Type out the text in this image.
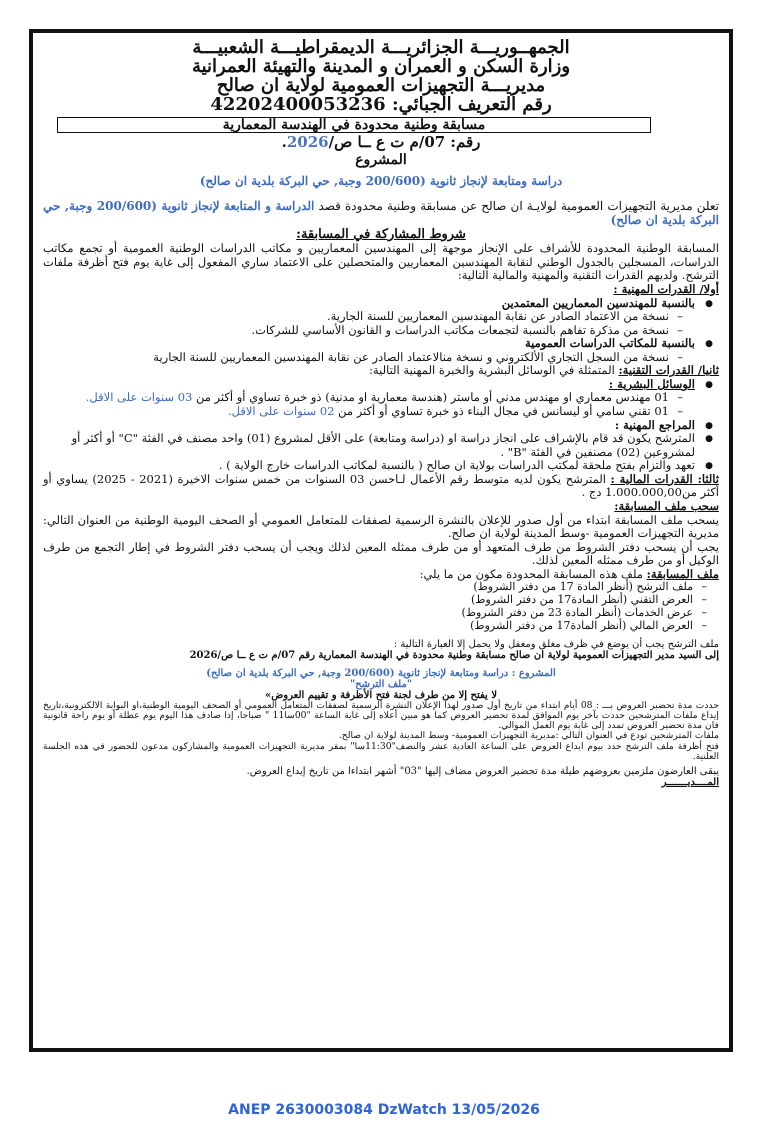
الجمهــوريـــة الجزائريـــة الديمقراطيـــة الشعبيـــة
وزارة السكن و العمران و المدينة والتهيئة العمرانية
مديريـــة التجهيزات العمومية لولاية ان صالح
رقم التعريف الجبائي: 42202400053236
مسابقة وطنية محدودة في الهندسة المعمارية
رقم: 07/م ت ع ــا ص/2026.
المشروع
دراسة ومتابعة لإنجاز ثانوية (200/600 وجبة, حي البركة بلدية ان صالح)
تعلن مديرية التجهيزات العمومية لولايـة ان صالح عن مسابقة وطنية محدودة قصد الدراسة و المتابعة لإنجاز ثانوية (200/600 وجبة, حي البركة بلدية ان صالح)
شروط المشاركة في المسابقة:
المسابقة الوطنية المحدودة للأشراف على الإنجاز موجهة إلى المهندسين المعماريين و مكاتب الدراسات الوطنية العمومية أو تجمع مكاتب الدراسات، المسجلين بالجدول الوطني لنقابة المهندسين المعماريين والمتحصلين على الاعتماد ساري المفعول إلى غاية يوم فتح أظرفة ملفات الترشح. ولديهم القدرات التقنية والمهنية والمالية التالية:
أولا/ القدرات المهنية :
● بالنسبة للمهندسين المعماريين المعتمدين
– نسخة من الاعتماد الصادر عن نقابة المهندسين المعماريين للسنة الجارية.
– نسخة من مذكرة تفاهم بالنسبة لتجمعات مكاتب الدراسات و القانون الأساسي للشركات.
● بالنسبة للمكاتب الدراسات العمومية
– نسخة من السجل التجاري الألكتروني و نسخة منالاعتماد الصادر عن نقابة المهندسين المعماريين للسنة الجارية
ثانيا/ القدرات التقنية: المتمثلة في الوسائل البشرية والخبرة المهنية التالية:
● الوسائل البشرية :
– 01 مهندس معماري او مهندس مدني أو ماستر (هندسة معمارية او مدنية) ذو خبرة تساوي أو أكثر من 03 سنوات على الاقل.
– 01 تقني سامي أو ليسانس في مجال البناء ذو خبرة تساوي أو أكثر من 02 سنوات على الاقل.
● المراجع المهنية :
● المترشح يكون قد قام بالإشراف على انجاز دراسة او (دراسة ومتابعة) على الأقل لمشروع (01) واحد مصنف في الفئة "C" أو أكثر أو لمشروعين (02) مصنفين في الفئة "B" .
● تعهد والتزام بفتح ملحقة لمكتب الدراسات بولاية ان صالح ( بالنسبة لمكاتب الدراسات خارج الولاية ) .
ثالثا: القدرات المالية : المترشح يكون لديه متوسط رقم الأعمال لـاحسن 03 السنوات من خمس سنوات الاخيرة (2021 - 2025) يساوي أو أكثر من1.000.000,00 دج .
سحب ملف المسابقة:
يسحب ملف المسابقة ابتداء من أول صدور للإعلان بالنشرة الرسمية لصفقات للمتعامل العمومي أو الصحف اليومية الوطنية من العنوان التالي: مديرية التجهيزات العمومية -وسط المدينة لولاية ان صالح.
يجب أن يسحب دفتر الشروط من طرف المتعهد أو من طرف ممثله المعين لذلك ويجب أن يسحب دفتر الشروط في إطار التجمع من طرف الوكيل أو من طرف ممثله المعين لذلك.
ملف المسابقة: ملف هذه المسابقة المحدودة مكون من ما يلي:
– ملف الترشح (أنظر المادة 17 من دفتر الشروط)
– العرض التقني (أنظر المادة17 من دفتر الشروط)
– عرض الخدمات (أنظر المادة 23 من دفتر الشروط)
– العرض المالي (أنظر المادة17 من دفتر الشروط)
ملف الترشح يجب أن يوضع في ظرف مغلق ومغفل ولا يحمل إلا العبارة التالية :
إلى السيد مدير التجهيزات العمومية لولاية ان صالح مسابقة وطنية محدودة في الهندسة المعمارية رقم 07/م ت ع ــا ص/2026
المشروع : دراسة ومتابعة لإنجاز ثانوية (200/600 وجبة, حي البركة بلدية ان صالح)
"ملف الترشح"
لا يفتح إلا من طرف لجنة فتح الأظرفة و تقييم العروض»
حددت مدة تحضير العروض بـــ : 08 أيام ابتداء من تاريخ أول صدور لهذا الإعلان النشرة الرسمية لصفقات المتعامل العمومي أو الصحف اليومية الوطنية،او البوابة الالكترونية،تاريخ إيداع ملفات المترشحين حددت بآخر يوم الموافق لمدة تحضير العروض كما هو مبين أعلاه إلى غاية الساعة "00سا11 " صباحا، إذا صادف هذا اليوم يوم عطلة أو يوم راحة قانونية فان مدة تحضير العروض تمدد إلى غاية يوم العمل الموالي.
ملفات المترشحين تودع في العنوان التالي :مديرية التجهيزات العمومية- وسط المدينة لولاية ان صالح.
فتح أظرفة ملف الترشح حدد بيوم ايداع العروض على الساعة العادية عشر والنصف"11:30سا" بمقر مديرية التجهيزات العمومية والمشاركون مدعون للحضور في هذه الجلسة العلنية.
يبقى العارضون ملزمين بعروضهم طيلة مدة تحضير العروض مضاف إليها "03" أشهر ابتداءا من تاريخ إيداع العروض.
المــــديـــــــر
ANEP 2630003084 DzWatch 13/05/2026
